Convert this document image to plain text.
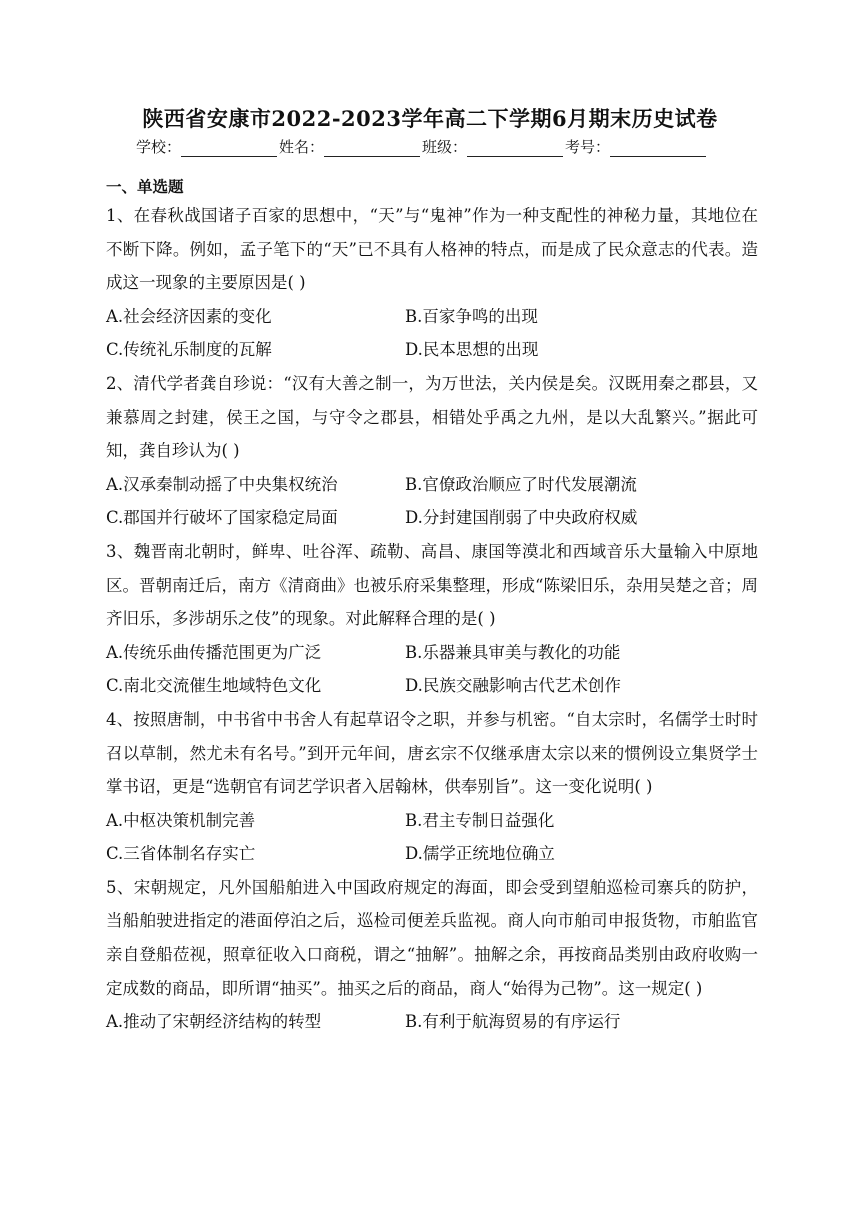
陕西省安康市2022-2023学年高二下学期6月期末历史试卷
学校：	姓名：	班级：	考号：
一、单选题

1、在春秋战国诸子百家的思想中，“天”与“鬼神”作为一种支配性的神秘力量，其地位在不断下降。例如，孟子笔下的“天”已不具有人格神的特点，而是成了民众意志的代表。造成这一现象的主要原因是( )

A.社会经济因素的变化	B.百家争鸣的出现
C.传统礼乐制度的瓦解	D.民本思想的出现

2、清代学者龚自珍说：“汉有大善之制一，为万世法，关内侯是矣。汉既用秦之郡县，又兼慕周之封建，侯王之国，与守令之郡县，相错处乎禹之九州，是以大乱繁兴。”据此可知，龚自珍认为( )

A.汉承秦制动摇了中央集权统治	B.官僚政治顺应了时代发展潮流
C.郡国并行破坏了国家稳定局面	D.分封建国削弱了中央政府权威

3、魏晋南北朝时，鲜卑、吐谷浑、疏勒、高昌、康国等漠北和西域音乐大量输入中原地区。晋朝南迁后，南方《清商曲》也被乐府采集整理，形成“陈梁旧乐，杂用吴楚之音；周齐旧乐，多涉胡乐之伎”的现象。对此解释合理的是( )

A.传统乐曲传播范围更为广泛	B.乐器兼具审美与教化的功能
C.南北交流催生地域特色文化	D.民族交融影响古代艺术创作

4、按照唐制，中书省中书舍人有起草诏令之职，并参与机密。“自太宗时，名儒学士时时召以草制，然尤未有名号。”到开元年间，唐玄宗不仅继承唐太宗以来的惯例设立集贤学士掌书诏，更是“选朝官有词艺学识者入居翰林，供奉别旨”。这一变化说明( )

A.中枢决策机制完善	B.君主专制日益强化
C.三省体制名存实亡	D.儒学正统地位确立

5、宋朝规定，凡外国船舶进入中国政府规定的海面，即会受到望舶巡检司寨兵的防护，当船舶驶进指定的港面停泊之后，巡检司便差兵监视。商人向市舶司申报货物，市舶监官亲自登船莅视，照章征收入口商税，谓之“抽解”。抽解之余，再按商品类别由政府收购一定成数的商品，即所谓“抽买”。抽买之后的商品，商人“始得为己物”。这一规定( )

A.推动了宋朝经济结构的转型	B.有利于航海贸易的有序运行
